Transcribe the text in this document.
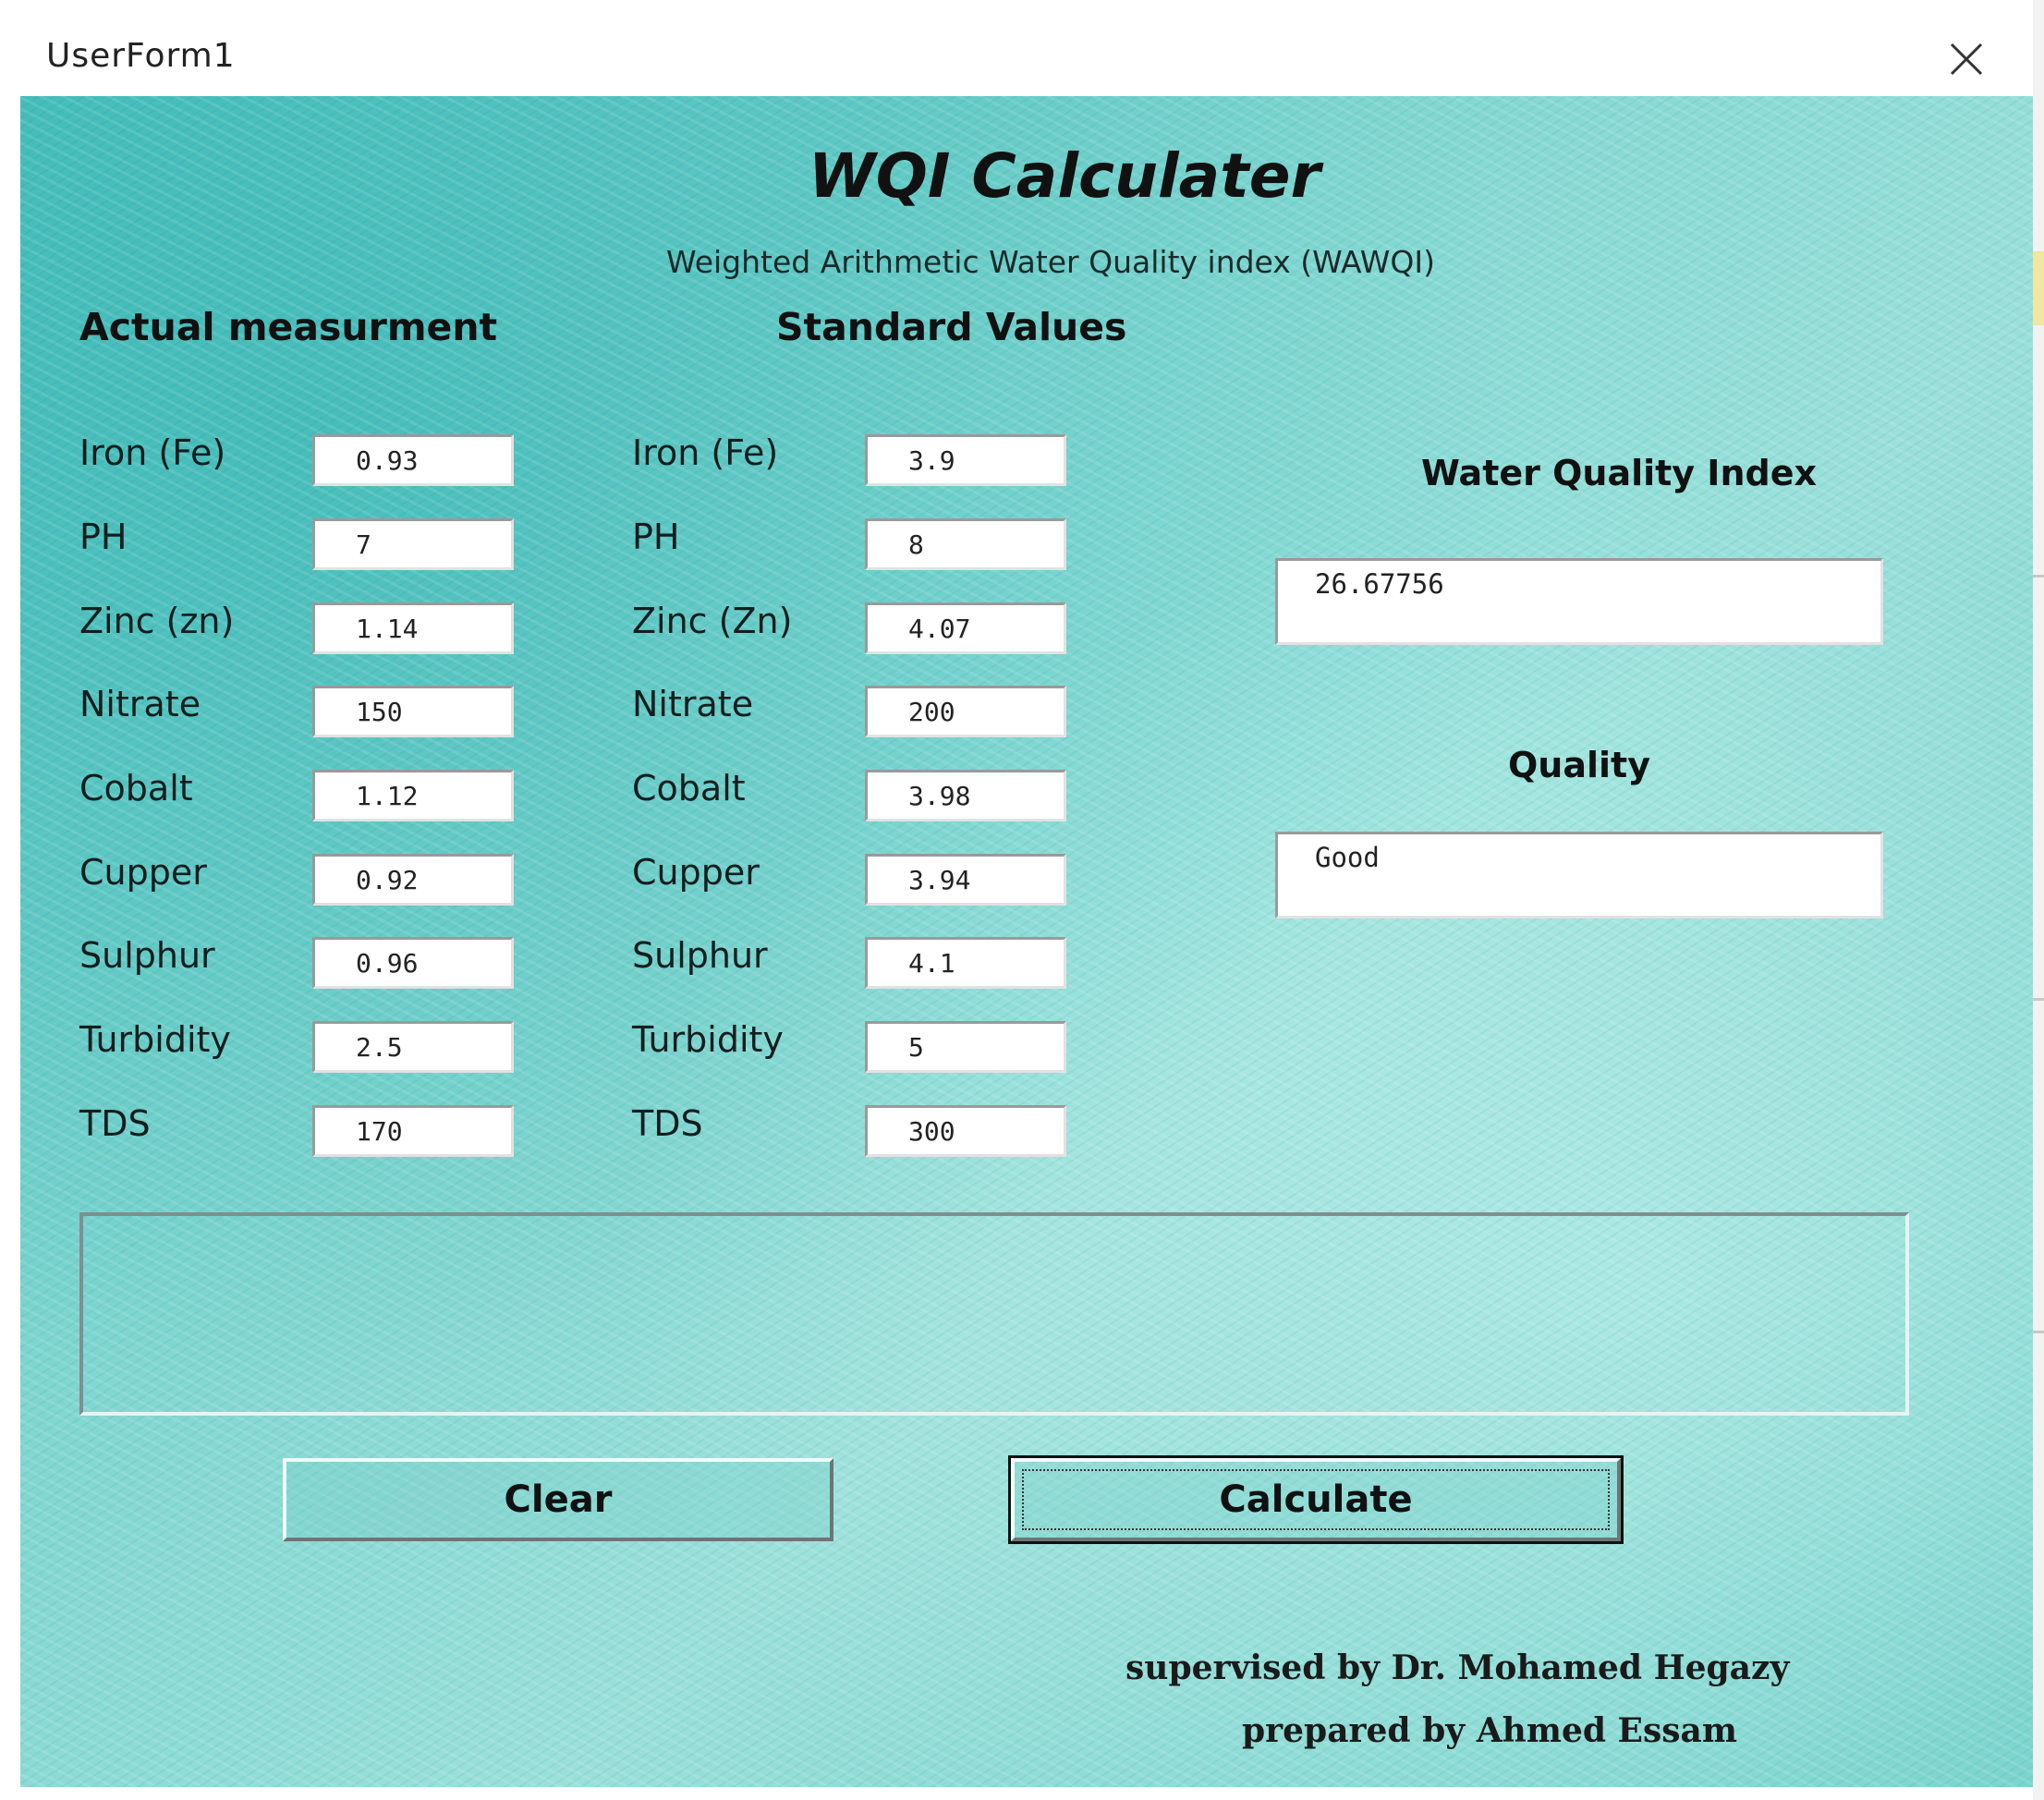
UserForm1
WQI Calculater
Weighted Arithmetic Water Quality index (WAWQI)
Actual measurment	Standard Values
Iron (Fe)
0.93
PH
7
Zinc (zn)
1.14
Nitrate
150
Cobalt
1.12
Cupper
0.92
Sulphur
0.96
Turbidity
2.5
TDS
170
Iron (Fe)
3.9
PH
8
Zinc (Zn)
4.07
Nitrate
200
Cobalt
3.98
Cupper
3.94
Sulphur
4.1
Turbidity
5
TDS
300
Water Quality Index
26.67756
Quality
Good
Clear	Calculate
supervised by Dr. Mohamed Hegazy
prepared by Ahmed Essam
